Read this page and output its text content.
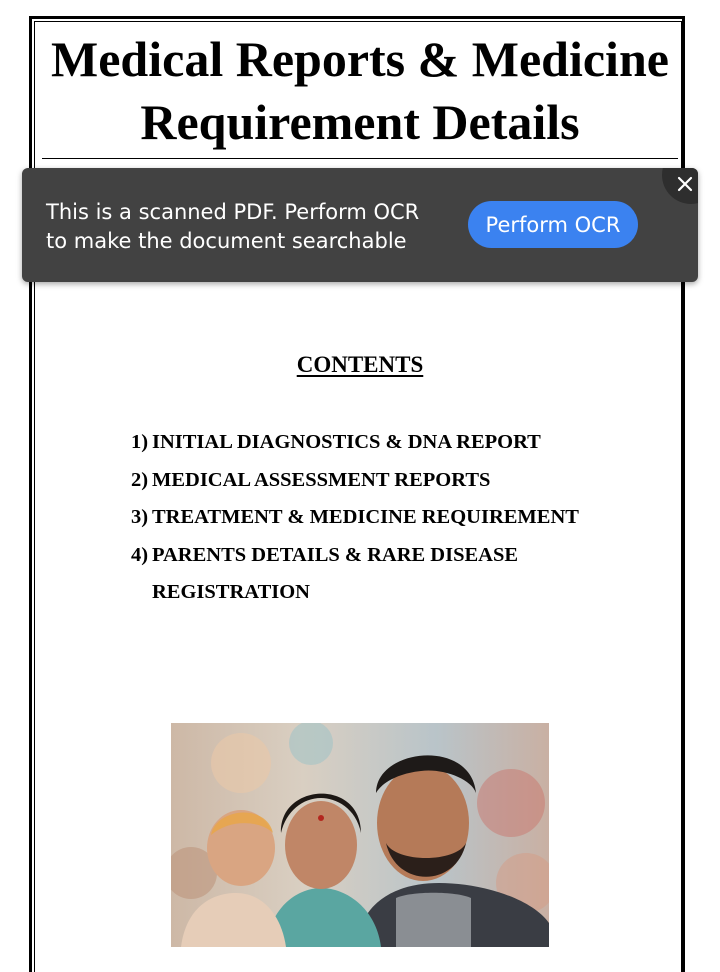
Medical Reports & Medicine
Requirement Details
CONTENTS
1) INITIAL DIAGNOSTICS & DNA REPORT
2) MEDICAL ASSESSMENT REPORTS
3) TREATMENT & MEDICINE REQUIREMENT
4) PARENTS DETAILS & RARE DISEASE
REGISTRATION

This is a scanned PDF. Perform OCR
to make the document searchable

Perform OCR
